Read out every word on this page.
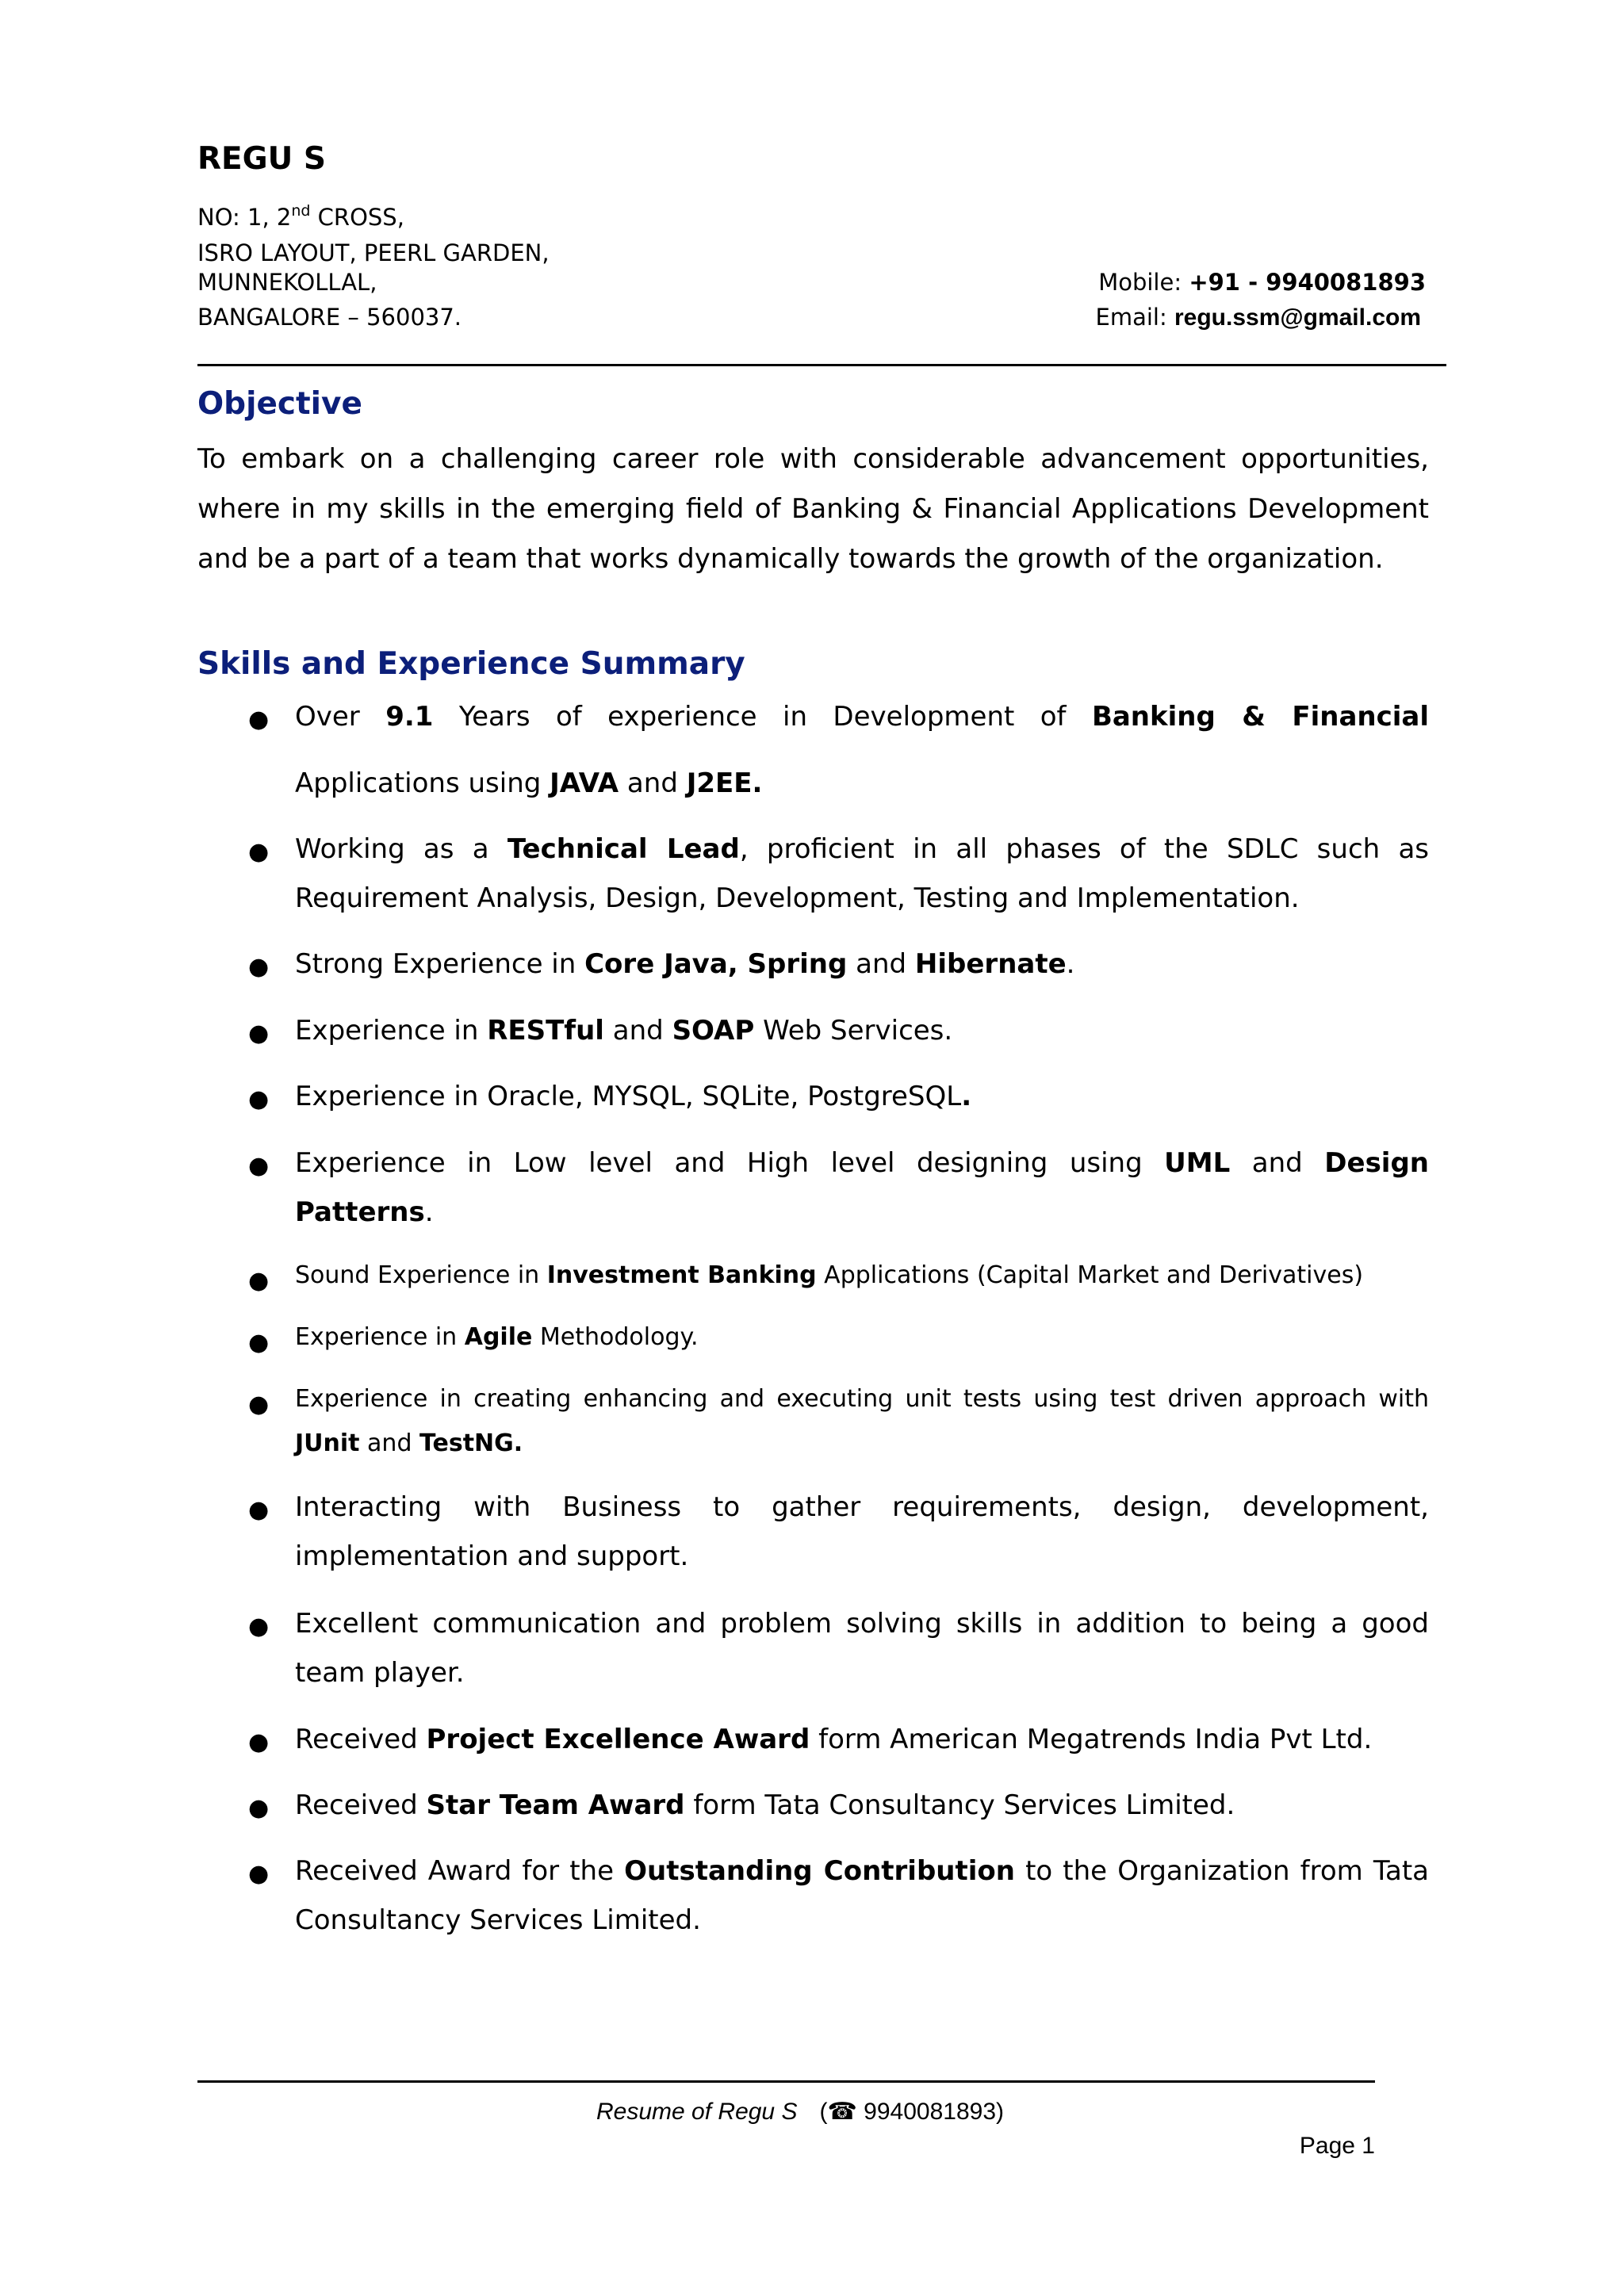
REGU S
NO: 1, 2nd CROSS,
ISRO LAYOUT, PEERL GARDEN,
MUNNEKOLLAL,
BANGALORE – 560037.
Mobile: +91 - 9940081893
Email: regu.ssm@gmail.com
Objective

To embark on a challenging career role with considerable advancement opportunities, where in my skills in the emerging field of Banking & Financial Applications Development and be a part of a team that works dynamically towards the growth of the organization.

Skills and Experience Summary
● Over 9.1 Years of experience in Development of Banking & Financial Applications using JAVA and J2EE.
● Working as a Technical Lead, proficient in all phases of the SDLC such as Requirement Analysis, Design, Development, Testing and Implementation.
● Strong Experience in Core Java, Spring and Hibernate.
● Experience in RESTful and SOAP Web Services.
● Experience in Oracle, MYSQL, SQLite, PostgreSQL.
● Experience in Low level and High level designing using UML and Design Patterns.
● Sound Experience in Investment Banking Applications (Capital Market and Derivatives)
● Experience in Agile Methodology.
● Experience in creating enhancing and executing unit tests using test driven approach with JUnit and TestNG.
● Interacting with Business to gather requirements, design, development, implementation and support.
● Excellent communication and problem solving skills in addition to being a good team player.
● Received Project Excellence Award form American Megatrends India Pvt Ltd.
● Received Star Team Award form Tata Consultancy Services Limited.
● Received Award for the Outstanding Contribution to the Organization from Tata Consultancy Services Limited.
Resume of Regu S (☎ 9940081893)
Page 1
